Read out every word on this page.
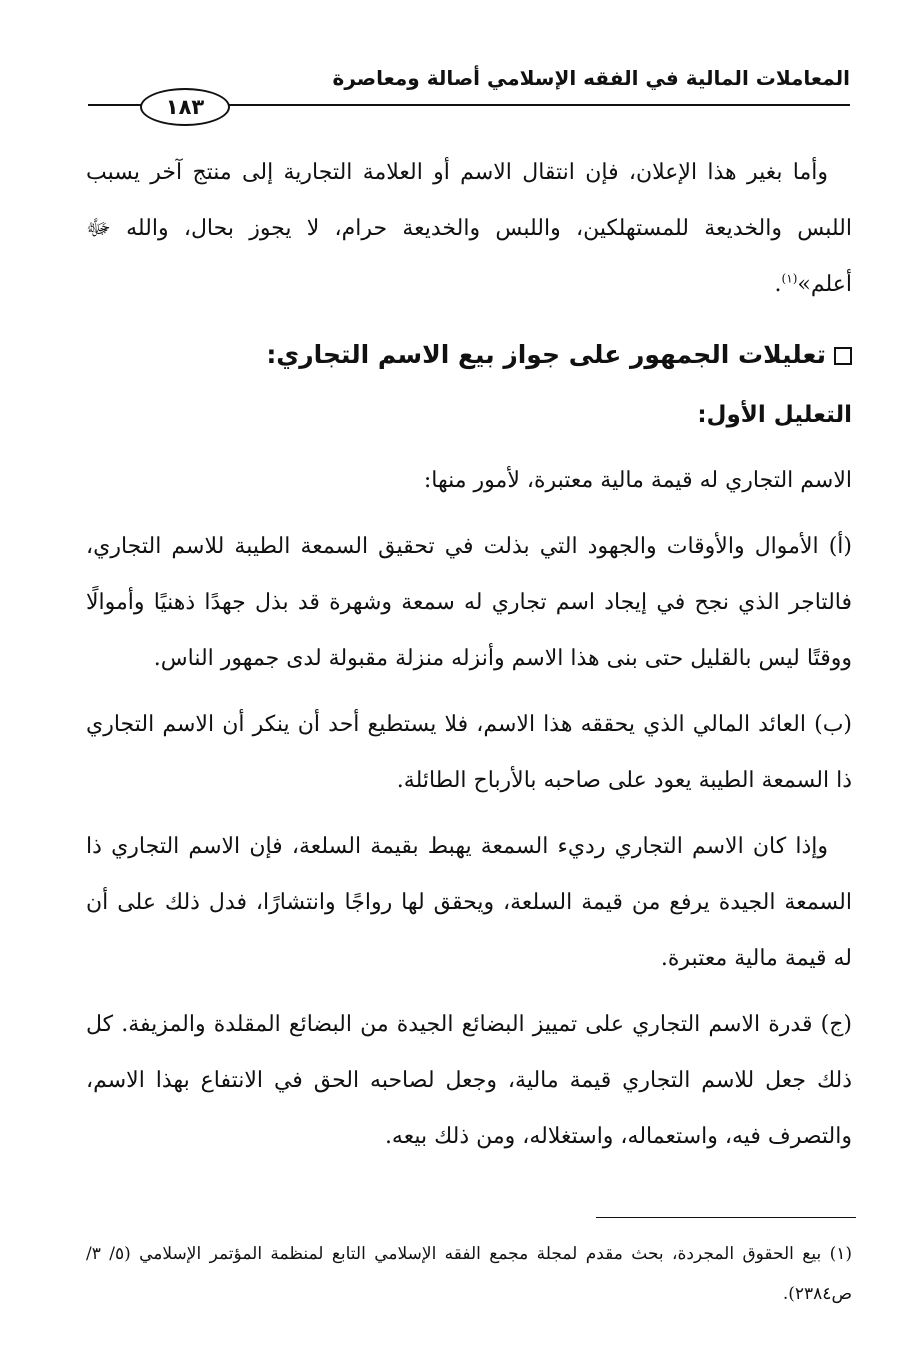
المعاملات المالية في الفقه الإسلامي أصالة ومعاصرة
١٨٣

وأما بغير هذا الإعلان، فإن انتقال الاسم أو العلامة التجارية إلى منتج آخر يسبب اللبس والخديعة للمستهلكين، واللبس والخديعة حرام، لا يجوز بحال، والله ﷻ أعلم»$^{(١)}$.

تعليلات الجمهور على جواز بيع الاسم التجاري:

التعليل الأول:

الاسم التجاري له قيمة مالية معتبرة، لأمور منها:

(أ) الأموال والأوقات والجهود التي بذلت في تحقيق السمعة الطيبة للاسم التجاري، فالتاجر الذي نجح في إيجاد اسم تجاري له سمعة وشهرة قد بذل جهدًا ذهنيًا وأموالًا ووقتًا ليس بالقليل حتى بنى هذا الاسم وأنزله منزلة مقبولة لدى جمهور الناس.

(ب) العائد المالي الذي يحققه هذا الاسم، فلا يستطيع أحد أن ينكر أن الاسم التجاري ذا السمعة الطيبة يعود على صاحبه بالأرباح الطائلة.

وإذا كان الاسم التجاري رديء السمعة يهبط بقيمة السلعة، فإن الاسم التجاري ذا السمعة الجيدة يرفع من قيمة السلعة، ويحقق لها رواجًا وانتشارًا، فدل ذلك على أن له قيمة مالية معتبرة.

(ج) قدرة الاسم التجاري على تمييز البضائع الجيدة من البضائع المقلدة والمزيفة. كل ذلك جعل للاسم التجاري قيمة مالية، وجعل لصاحبه الحق في الانتفاع بهذا الاسم، والتصرف فيه، واستعماله، واستغلاله، ومن ذلك بيعه.

(١) بيع الحقوق المجردة، بحث مقدم لمجلة مجمع الفقه الإسلامي التابع لمنظمة المؤتمر الإسلامي (٥/ ٣/ ص٢٣٨٤).
